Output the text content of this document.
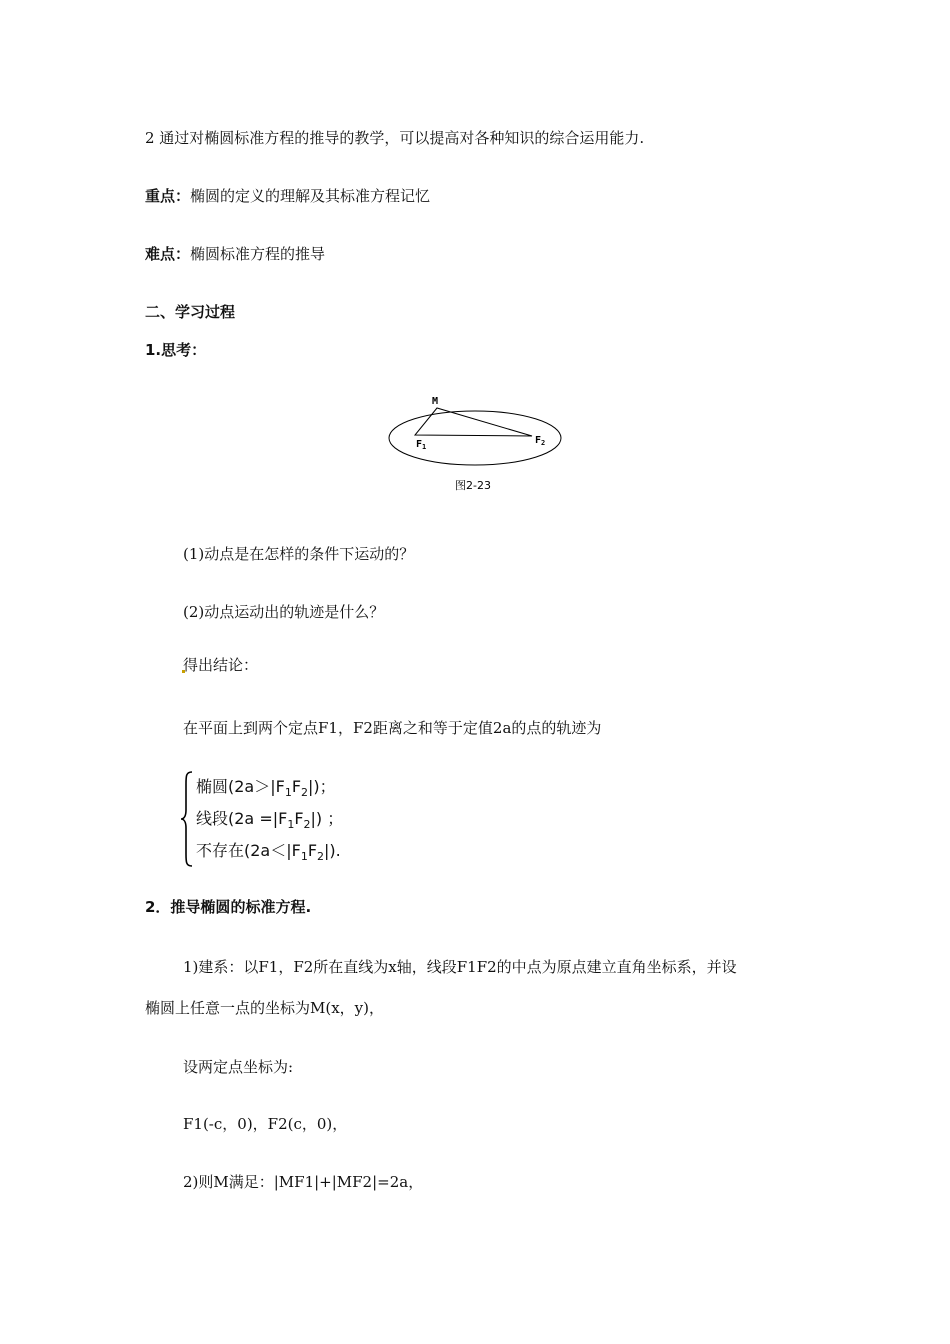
2 通过对椭圆标准方程的推导的教学，可以提高对各种知识的综合运用能力.
重点：椭圆的定义的理解及其标准方程记忆
难点：椭圆标准方程的推导
二、学习过程
1.思考：
M
$F_1$
$F_2$
图2-23
(1)动点是在怎样的条件下运动的？
(2)动点运动出的轨迹是什么？
得出结论：
在平面上到两个定点F1，F2距离之和等于定值2a的点的轨迹为
椭圆$(2a>|F_1F_2|)$；
线段$(2a =|F_1F_2|)$ ；
不存在$(2a<|F_1F_2|)$.
2．推导椭圆的标准方程.
1)建系：以F1，F2所在直线为x轴，线段F1F2的中点为原点建立直角坐标系，并设
椭圆上任意一点的坐标为M(x，y)，
设两定点坐标为:
F1(-c，0)，F2(c，0)，
2)则M满足：|MF1|+|MF2|=2a，
